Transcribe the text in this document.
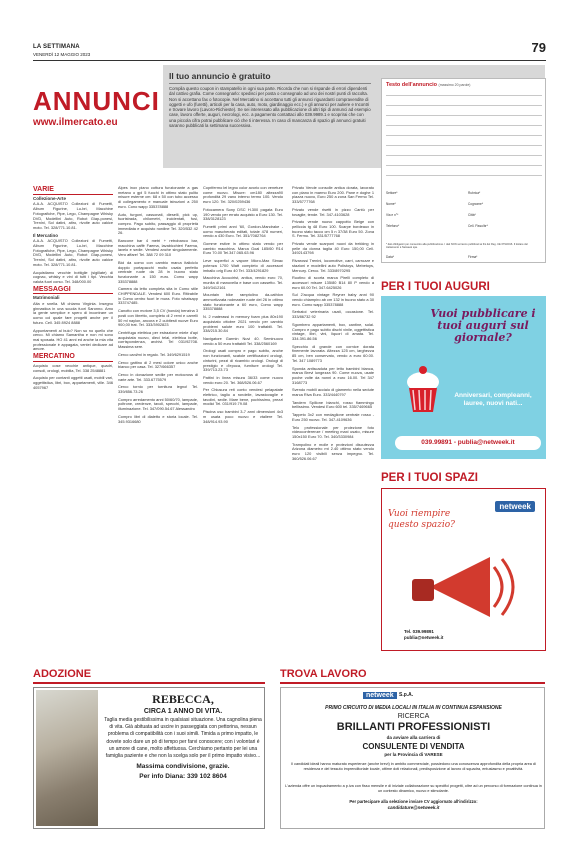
LA SETTIMANA
VENERDÌ 12 MAGGIO 2023	79
ANNUNCI
www.ilmercato.eu
Il tuo annuncio è gratuito
Compila questo coupon in stampatello in ogni sua parte. Ricorda che non si rispande di errori dipendenti dal cattivo grafia. Come consegnarlo: spedisci per posta o consegnalo ad uno dei nostri punti di raccolta. Non si accettano fax o fotocopie. Nel Mercatino si accettano tutti gli annunci riguardanti compravendite di oggetti e ufo (furetti), articoli per la casa, auto, moto, giardinaggio ecc.) e gli annunci per auliere e Incontri e trovare lavoro (Lavoro-Richieste). Se sei interessato alla pubblicazione di altri tipi di annunci ad esempio case, lavoro offerte, auguri, necrologi, ecc. a pagamento contattaci allo 039.9989.1 e scoprirai che con una piccola cifra potrai pubblicare ciò che ti interessa. In caso di mancanza di spazio gli annunci gratuiti saranno pubblicati la settimana successiva.
Testo dell'annuncio (massimo 20 parole)
Settore*	Rubrica*
Nome*	Cognome*
Via e n°*	Città*
Telefono*	Cell. Fisso/br*
* dati obbligatori per consentire alla pubblicazione. I dati NON verranno pubblicati ai fini del Reg. UE 679/2016. Il titolare del trattamento è Netweek spa.
Data*	Firma*
VARIE
Collezione-Arte

A.A.A. ACQUISTO Collezioni di Fumetti, Album Figurine, Lu-bri, Macchine Fotografiche, Pipe, Lego, Champagne Whisky DVD, Modellini Auto, Robot Giap-ponesi, Trenini, Sol datini, altro, rivolte auto cakice moto. Tel. 328/771.10.81.

Il Mercatino

A.A.A. ACQUISTO Collezioni di Fumetti, Album Figurine, Lu-bri, Macchine Fotografiche, Pipe, Lego, Champagne Whisky DVD, Modellini Auto, Robot Giap-ponesi, Trenini, Sol datini, altro, rivolte auto cakice moto. Tel. 328/771.10.81.

Acquistiamo vecchie bottiglie (sigillate) di cognac, whisky e vini di tutti i tipi. Vecchia valuta fuori corso. Tel. 348/000.00

MESSAGGI
Matrimoniali

Alta e snella. Mi chiamo Virginia. Insegno ginnastica in una scuola fuori Saronno. Amo la gente semplice e spero di incontrare un uomo col quale fare progetti anche per il futuro. Cell. 345 8924 8888

Appuntamenti al buio? Non so no quello che cerco. Mi chiamo Samantha e non mi sono mai sposata. HO 41 anni ed anche la mia vita professionale è appagata, ventei dedicare ad amore.

MERCATINO

Acquisto cose vecchie antique, quadri, consoli, orologi, mobilia, Tel. 338 2548881

Acquisto per contanti oggetti usati, mobili vari, oggettistica, libri, box, appartamenti, ville. 346 4057967

Alpes inox piano cottura funzionante a gas metano o gpl 5 fuochi in ottimo stato pulito misure esterne cm: 68 x 50 con tubo accesso di collegamento e manuale istruzioni a 250 euro. Cono wapp 335378888

Auto, furgoni, cassonati, dieselli, pick up, fuoristrada, chilometri, incidentati, fusi, compro. Pago subito, passaggio di proprietà immediata e acquisto nordine Tel. 320/532 42 26.

Bancone bar 4 metri + retrobanco bar, macchina caffè Faema, lavabicchieri Faema, lavelo e sedie. Vendesi anche singolarmente. Vero affare! Tel. 388 72 09 310

Bici da uomo con cambio marca italiciclo doppio portapacchi molto usata perfetto centrale ruote da 28 in buono stato funzionante a 150 euro. Como wapp 335378888

Camera da letto completa sita in Como stile CHIPPENDALE. Vendesi 600 Euro. Ritirabile in Como centro fuori le mura. Foto whatsapp 333747485.

Canotto con motore 3,5 CV (honda) benzina 3 posti con libretto, completo di 2 remi e carrelli 50 ml naylon, ancora e 2 cubitesti nuove Euro 900,00 trat. Tel. 333/3902823

Centrifuga elettrica per estrazione miele d'api acquistata nuovo, dieci telai, elettrica botte, corrispondenza, archivi. Tel 031/92708. Massima sere.

Cerco cani/mi in regalo. Tel. 349/6291519

Cerco gattino di 2 mesi colore unico anche bianco per casa. Tel. 327/666357

Cerco in donazione sedile per motocross di varie arte. Tel. 333.6775579

Cerco tornio per tornitura legno! Tel. 339/856.73.26

Compro arredamento anni 50/60/70, lampade, poltrone, credenze, tavoli, specchi, lampade, illuminazione. Tel. 347/090.54.67 Alessandro

Compro libri di dialetto e storia locale. Tel. 345.9316680

Coprifermo lei legno color avorio con veneture come nuovo. Misure: cm180 altezza90 profondità 29 vano interno termo 100. Vendo euro 120. Tel. 320/0259436

Fotocamera Sony DSC H.300 pagata Euro 190 vendo per errato acquisto a Euro 130. Tel. 338/3128123

Fumetti primi anni '60, Gordon-Mandrake - uomo mascherato editati, totale 478 numeri, vendo a 430 Euro. Tel. 351/7082764

Gomme estive in ottimo stato vendo per cambio macchina. Marca Goal 185/60 R14 Euro 70.00 Tel.347.065.63.96

Leve superfici a vapore Micro-Max Simac potenza 1700 Watt completo di accessori imballo orig Euro 40 Tel. 333/4291829

Macchina Accucirist, antica, vendo euro 70, munita di manovella e base con cassetto. Tel. 349/3412161

Mountain bike ramptolino da-cathlon ammortizzata rodmaster ruote del 26 in ottimo stato funzionante a 60 euro, Como wapp 335378888

N. 2 materassi in memory foam plus 80x190 acquistato ottobre 2021 vendo per cambio problemi salute euro 100 trattabili. Tel. 338/215.30.84

Navigatore Garmin Nuvi 40. Seminuovo vendo a 50 euro trattabili Tel. 338/2560169

Orologi usati compro e pago subito, anche non funzionanti, scatole certificazioni orologi, cinturini, pezzi di ricambio orologi. Orologi di prestigio e d'epoca, furniture orologi Tel. 339/713.23.73

Pattini in linea misura 36/33 come nuovo vendo euro 20. Tel. 368/526.06.67

Per Chiusura reti conto vendesi pelapatate elettrico, taglio a rondelle, lavastovaglie e tavolini, sedie. Mare bene, pochissimo, prezzi modici Tel. 031/919.79.08

Piscina uso bambini 3-7 anni dimensioni 4x3 m usata poco nuovo e vtaliere Tel. 348/914.93.90

Privato Vende consolle antica dorata, lavorato con piano in marmo Euro 200. Pane e doghe 1 piazza nuovo, Euro 250 a zona San Fermo Tel. 333/5777768

Privato vende risetti in pizzo Cantù per tovaglie, tende. Tel. 347-4103628

Privato vende nuovo cappotto Beige con pelliccia tg 48 Euro 100. Scarpe bordeaux in buono stato tacco cm 5 n 37/38 Euro 50. Zona S. Fermo. Tel. 331/5777768

Privato vende scarponi nuovi da trekking in pelle da donna taglia 40 Euro 150,00 Cell. 3492143798

Rivarossi Trenini, locomotive, carri, carrozze e stazioni e modellini auto Polistoys, Mebetoys, Mercury. Cerco. Tel. 333/8970295

Ruotino di scorta marca Pirelli completo di accessori misure 135/80 B14 80 P vendo a euro 60.00 Tel. 347.6425026

Sul 2'acqua vintage Reyner baby anni 90 vendo chiampiro ab cm 132 in buono stato a 30 euro. Como wapp 335378888

Serbatoi veterinaria usati, occasione. Tel. 333/86732 92

Sgombero appartamenti, box, cantine, solai. Compro e pago subito dischi vinile, oggettistica vintage, libri, vini, liquori di amata. Tel. 334.391.86.56

Specchio di grande con cornice dorata finemente lavorata. Altezza 125 cm, larghezza 85 cm, ben conservato, vendo a euro 60.00. Tel. 347 1089773

Sponda antiscaduta per letto bambini bianca, marca Brevi lungezza 90. Come nuova, usate poche volte da nonni a euro 16.00. Tel 347 3168773

Svendo mobili acciaio di giamento nella sedute marca Riva Euro. 333/4440797

Tandem Spillone bianchi, rosso fiammingo bellissimo. Vendesi Euro 600 tel. 335/7469665

Tappeto 3x2 con medaglione centrale rosso - Euro 250 nuovo. Tel. 347-4109636

Telo professionale per proiezione foto videoconferenze / meeting maxi usato, misure 150x150 Euro 70. Tel. 340/3330984

Trampolino e molle e protezioni discutezza Arizona diametro mt 2.40 ottimo stato vendo euro 120 visibili senza impegno. Tel. 360/526.06.67

PER I TUOI AUGURI
Vuoi pubblicare i tuoi auguri sul giornale?
Anniversari, compleanni, lauree, nuovi nati...
039.99891 - publia@netweek.it
PER I TUOI SPAZI
Vuoi riempire questo spazio?
netweek
Tel. 039.99891
publia@netweek.it
ADOZIONE
REBECCA,
CIRCA 1 ANNO DI VITA.
Taglia media gestibilissima in qualsiasi situazione. Una cagnolina piena di vita. Già abituata ad uscire in passeggiata con pettorina, nessun problema di compatibilità con i suoi simili. Timida a primo impatto, le dovete solo dare un pò di tempo per farvi conoscere; con i volontari é un amore di cane, molto affettuosa. Cerchiamo pertanto per lei una famiglia paziente e che non la scelga solo per il primo impatto visivo...
Massima condivisione, grazie.
Per info Diana: 339 102 8604
TROVA LAVORO
netweek	S.p.A.
PRIMO CIRCUITO DI MEDIA LOCALI IN ITALIA IN CONTINUA ESPANSIONE
RICERCA
BRILLANTI PROFESSIONISTI
da avviare alla carriera di
CONSULENTE DI VENDITA
per la Provincia di VARESE
Il candidati ideali hanno maturato esperienze (anche brevi) in ambito commerciale, possiedono una conoscenza approfondita della propria area di residenza e del tessuto imprenditoriale locale, ottime doti relazionali, predisposizione al lavoro di squadra, entusiasmo e proattività.
L'azienda offre un inquadramento a p.iva con fisso mensile e di iniziale collaborazione su specifici progetti, oltre ad un percorso di formazione continua in un contesto dinamico, nuovo e stimolante.
Per partecipare alla selezione inviare CV aggiornato all'indirizzo:
candidature@netweek.it
